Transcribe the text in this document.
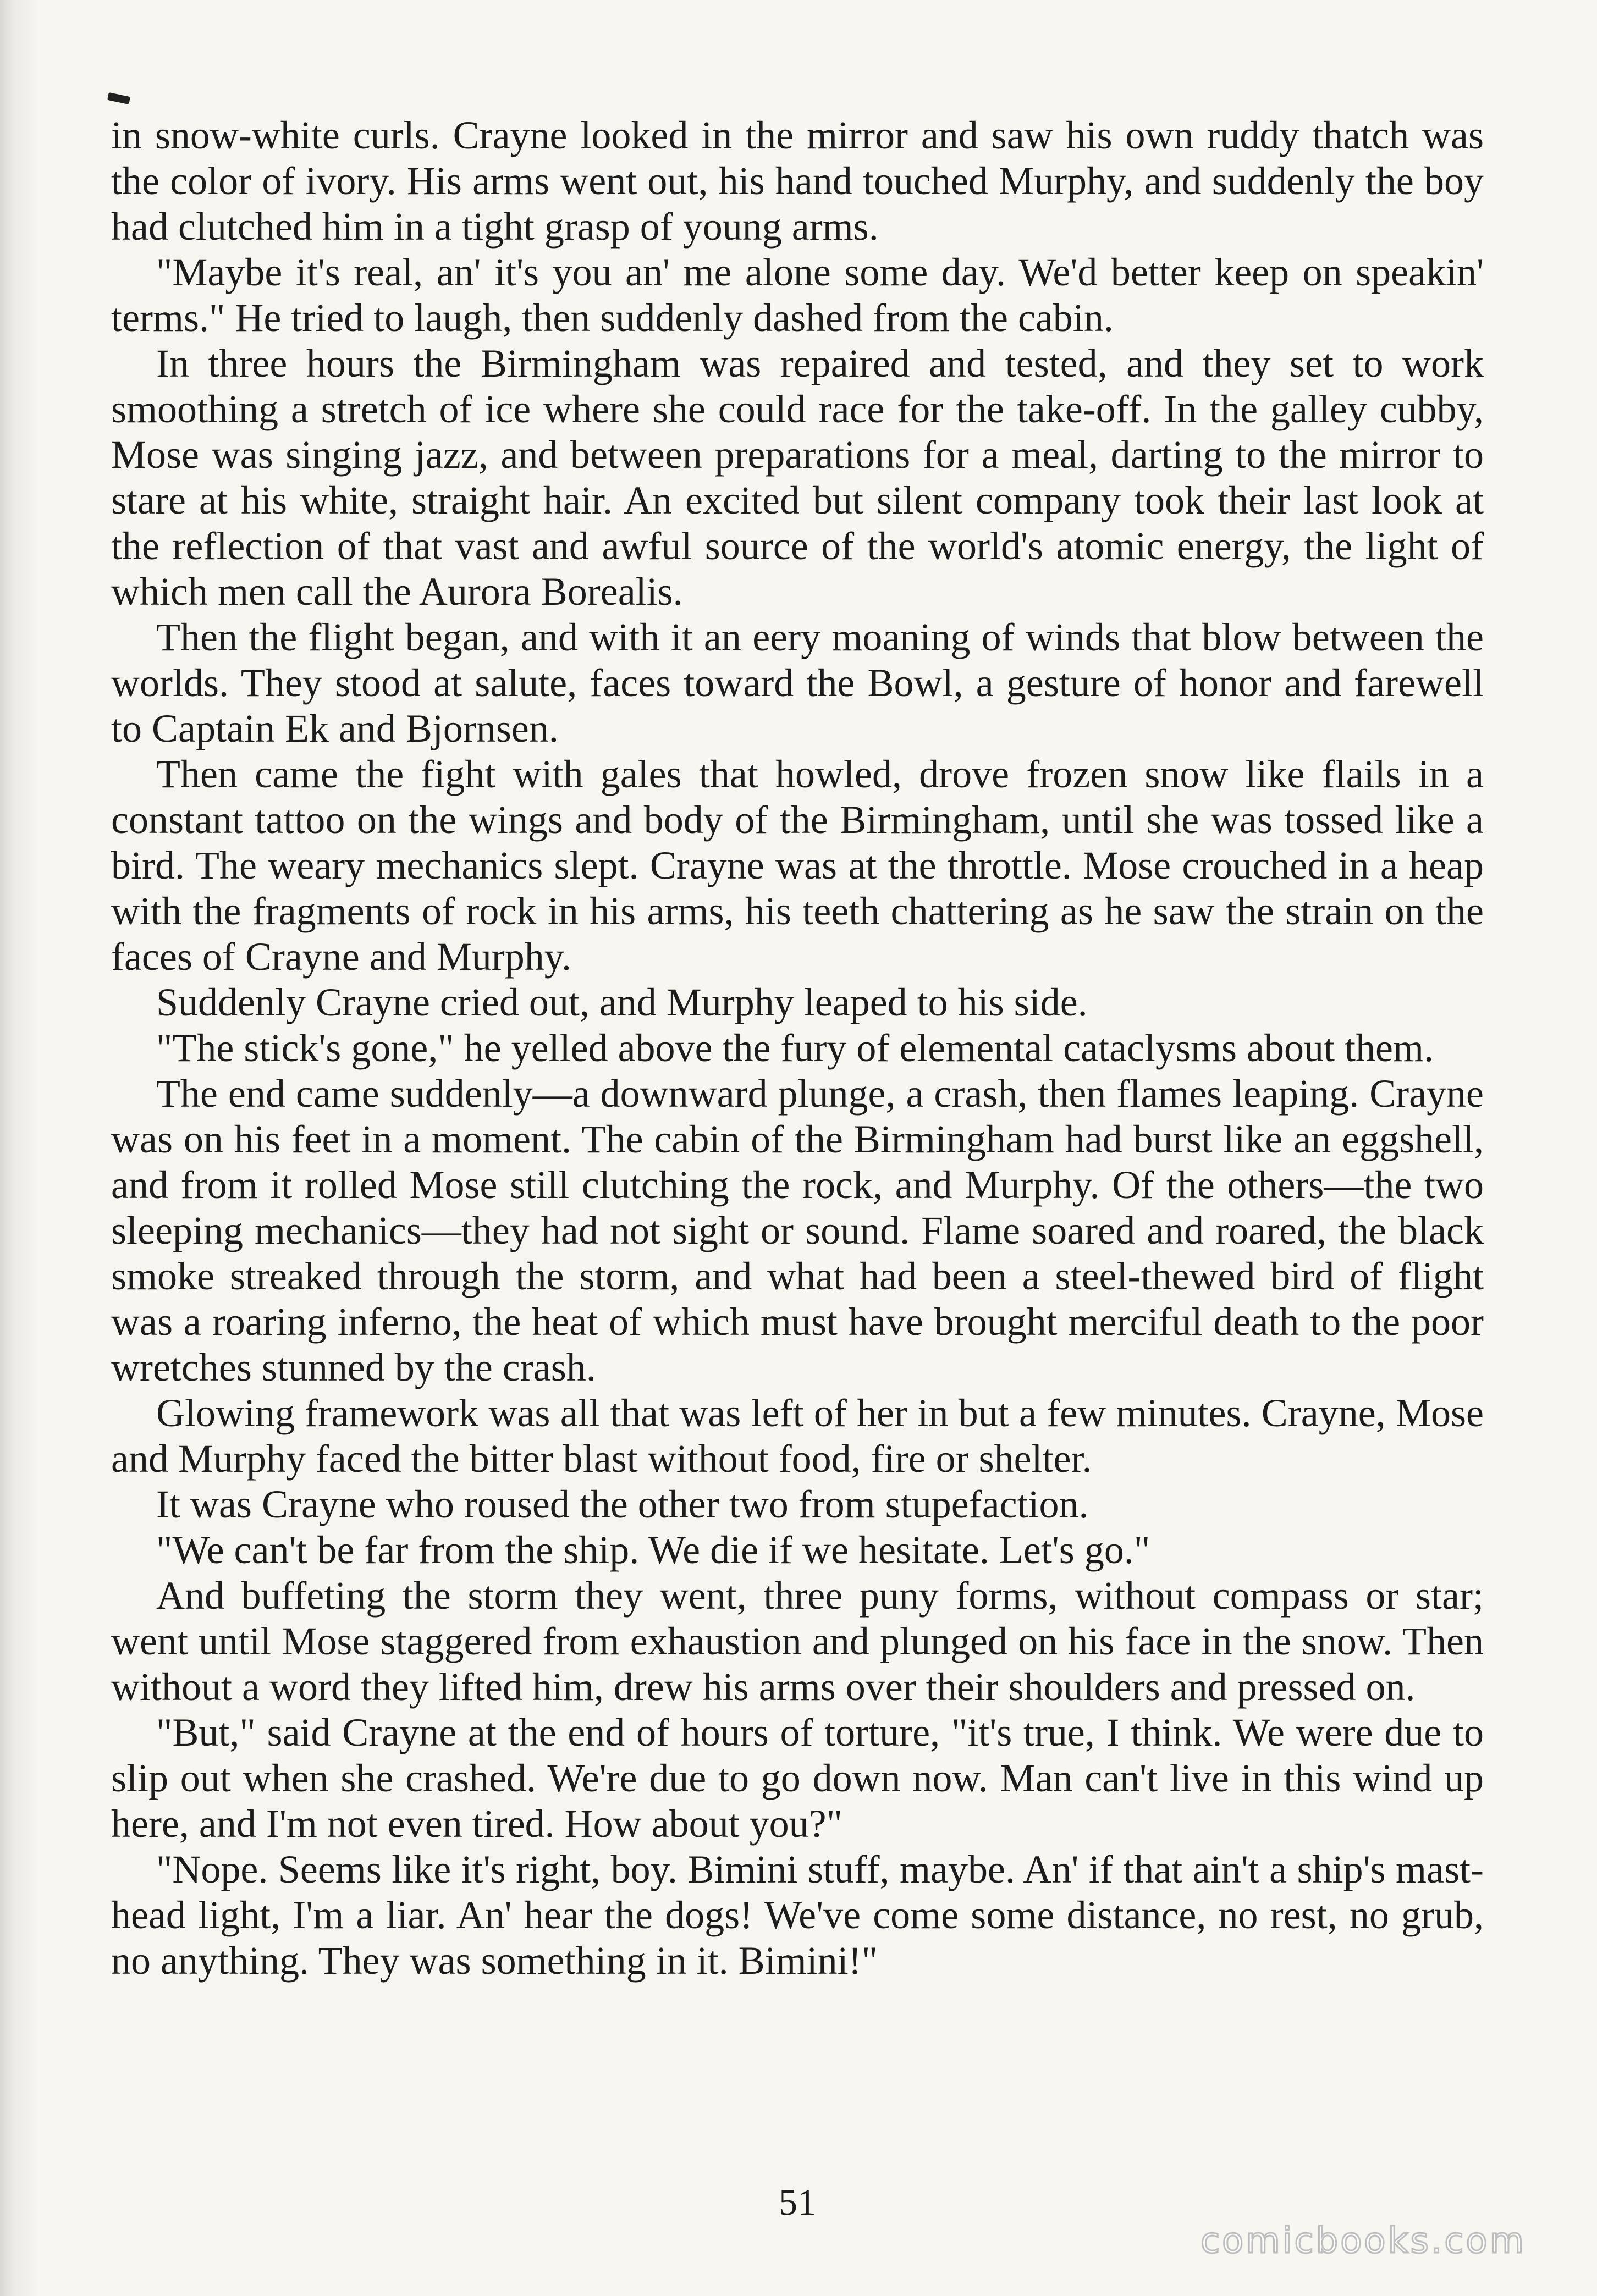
in snow-white curls. Crayne looked in the mirror and saw his own ruddy thatch was the color of ivory. His arms went out, his hand touched Murphy, and suddenly the boy had clutched him in a tight grasp of young arms.

"Maybe it's real, an' it's you an' me alone some day. We'd better keep on speakin' terms." He tried to laugh, then suddenly dashed from the cabin.

In three hours the Birmingham was repaired and tested, and they set to work smoothing a stretch of ice where she could race for the take-off. In the galley cubby, Mose was singing jazz, and between preparations for a meal, darting to the mirror to stare at his white, straight hair. An excited but silent company took their last look at the reflection of that vast and awful source of the world's atomic energy, the light of which men call the Aurora Borealis.

Then the flight began, and with it an eery moaning of winds that blow between the worlds. They stood at salute, faces toward the Bowl, a gesture of honor and farewell to Captain Ek and Bjornsen.

Then came the fight with gales that howled, drove frozen snow like flails in a constant tattoo on the wings and body of the Birmingham, until she was tossed like a bird. The weary mechanics slept. Crayne was at the throttle. Mose crouched in a heap with the fragments of rock in his arms, his teeth chattering as he saw the strain on the faces of Crayne and Murphy.

Suddenly Crayne cried out, and Murphy leaped to his side.

"The stick's gone," he yelled above the fury of elemental cataclysms about them.

The end came suddenly—a downward plunge, a crash, then flames leaping. Crayne was on his feet in a moment. The cabin of the Birmingham had burst like an eggshell, and from it rolled Mose still clutching the rock, and Murphy. Of the others—the two sleeping mechanics—they had not sight or sound. Flame soared and roared, the black smoke streaked through the storm, and what had been a steel-thewed bird of flight was a roaring inferno, the heat of which must have brought merciful death to the poor wretches stunned by the crash.

Glowing framework was all that was left of her in but a few minutes. Crayne, Mose and Murphy faced the bitter blast without food, fire or shelter.

It was Crayne who roused the other two from stupefaction.

"We can't be far from the ship. We die if we hesitate. Let's go."

And buffeting the storm they went, three puny forms, without compass or star; went until Mose staggered from exhaustion and plunged on his face in the snow. Then without a word they lifted him, drew his arms over their shoulders and pressed on.

"But," said Crayne at the end of hours of torture, "it's true, I think. We were due to slip out when she crashed. We're due to go down now. Man can't live in this wind up here, and I'm not even tired. How about you?"

"Nope. Seems like it's right, boy. Bimini stuff, maybe. An' if that ain't a ship's mast-head light, I'm a liar. An' hear the dogs! We've come some distance, no rest, no grub, no anything. They was something in it. Bimini!"

51
comicbooks.com
